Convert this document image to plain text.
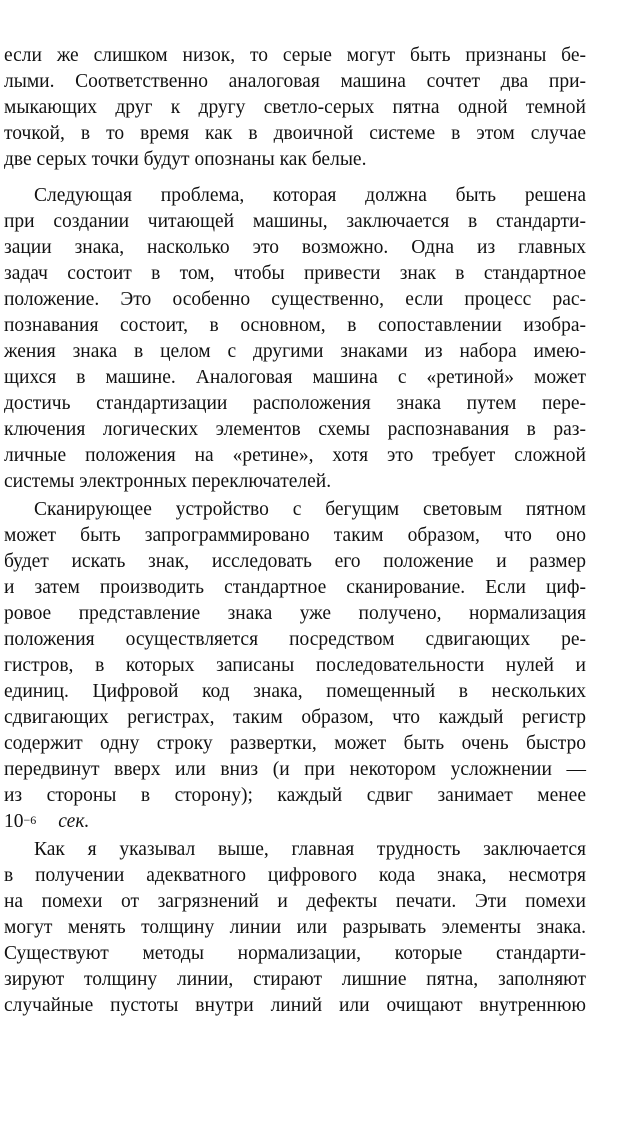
если же слишком низок, то серые могут быть признаны бе-
лыми. Соответственно аналоговая машина сочтет два при-
мыкающих друг к другу светло-серых пятна одной темной
точкой, в то время как в двоичной системе в этом случае
две серых точки будут опознаны как белые.
Следующая проблема, которая должна быть решена
при создании читающей машины, заключается в стандарти-
зации знака, насколько это возможно. Одна из главных
задач состоит в том, чтобы привести знак в стандартное
положение. Это особенно существенно, если процесс рас-
познавания состоит, в основном, в сопоставлении изобра-
жения знака в целом с другими знаками из набора имею-
щихся в машине. Аналоговая машина с «ретиной» может
достичь стандартизации расположения знака путем пере-
ключения логических элементов схемы распознавания в раз-
личные положения на «ретине», хотя это требует сложной
системы электронных переключателей.
Сканирующее устройство с бегущим световым пятном
может быть запрограммировано таким образом, что оно
будет искать знак, исследовать его положение и размер
и затем производить стандартное сканирование. Если циф-
ровое представление знака уже получено, нормализация
положения осуществляется посредством сдвигающих ре-
гистров, в которых записаны последовательности нулей и
единиц. Цифровой код знака, помещенный в нескольких
сдвигающих регистрах, таким образом, что каждый регистр
содержит одну строку развертки, может быть очень быстро
передвинут вверх или вниз (и при некотором усложнении —
из стороны в сторону); каждый сдвиг занимает менее
$10^{-6}$ сек.
Как я указывал выше, главная трудность заключается
в получении адекватного цифрового кода знака, несмотря
на помехи от загрязнений и дефекты печати. Эти помехи
могут менять толщину линии или разрывать элементы знака.
Существуют методы нормализации, которые стандарти-
зируют толщину линии, стирают лишние пятна, заполняют
случайные пустоты внутри линий или очищают внутреннюю
